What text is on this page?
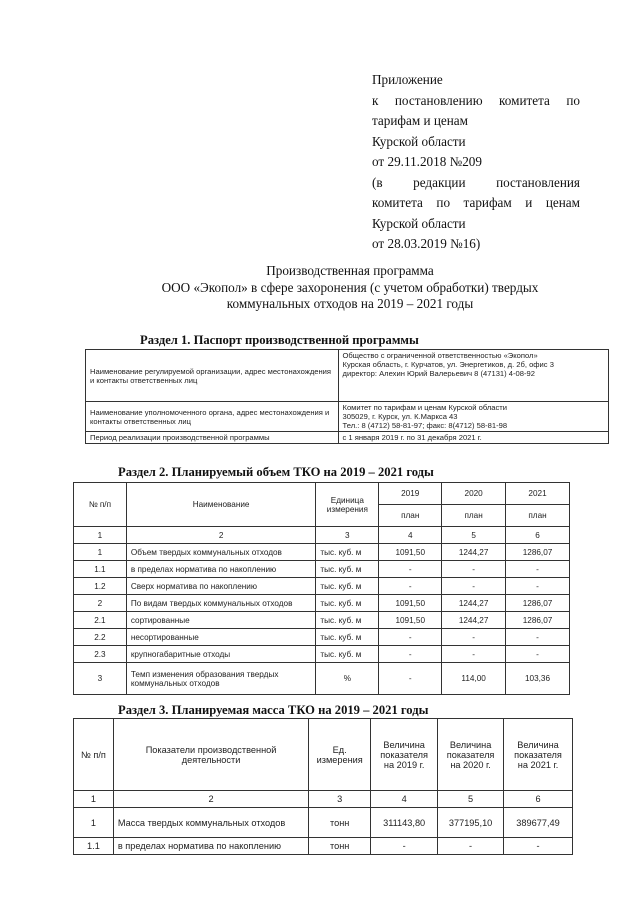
Приложение
к постановлению комитета по
тарифам и ценам
Курской области
от 29.11.2018 №209
(в редакции постановления
комитета по тарифам и ценам
Курской области
от 28.03.2019 №16)
Производственная программа
ООО «Экопол» в сфере захоронения (с учетом обработки) твердых
коммунальных отходов на 2019 – 2021 годы
Раздел 1. Паспорт производственной программы
Наименование регулируемой организации, адрес местонахождения и контакты ответственных лиц	Общество с ограниченной ответственностью «Экопол»
Курская область, г. Курчатов, ул. Энергетиков, д. 2б, офис 3
директор: Алехин Юрий Валерьевич 8 (47131) 4-08-92

Наименование уполномоченного органа, адрес местонахождения и контакты ответственных лиц	Комитет по тарифам и ценам Курской области
305029, г. Курск, ул. К.Маркса 43
Тел.: 8 (4712) 58-81-97; факс: 8(4712) 58-81-98

Период реализации производственной программы	с 1 января 2019 г. по 31 декабря 2021 г.
Раздел 2. Планируемый объем ТКО на 2019 – 2021 годы
№ п/п	Наименование	Единица измерения	2019	2020	2021
			план	план	план
1	2	3	4	5	6
1	Объем твердых коммунальных отходов	тыс. куб. м	1091,50	1244,27	1286,07
1.1	в пределах норматива по накоплению	тыс. куб. м	-	-	-
1.2	Сверх норматива по накоплению	тыс. куб. м	-	-	-
2	По видам твердых коммунальных отходов	тыс. куб. м	1091,50	1244,27	1286,07
2.1	сортированные	тыс. куб. м	1091,50	1244,27	1286,07
2.2	несортированные	тыс. куб. м	-	-	-
2.3	крупногабаритные отходы	тыс. куб. м	-	-	-
3	Темп изменения образования твердых коммунальных отходов	%	-	114,00	103,36
Раздел 3. Планируемая масса ТКО на 2019 – 2021 годы
№ п/п	Показатели производственной деятельности	Ед. измерения	Величина показателя на 2019 г.	Величина показателя на 2020 г.	Величина показателя на 2021 г.
1	2	3	4	5	6
1	Масса твердых коммунальных отходов	тонн	311143,80	377195,10	389677,49
1.1	в пределах норматива по накоплению	тонн	-	-	-
